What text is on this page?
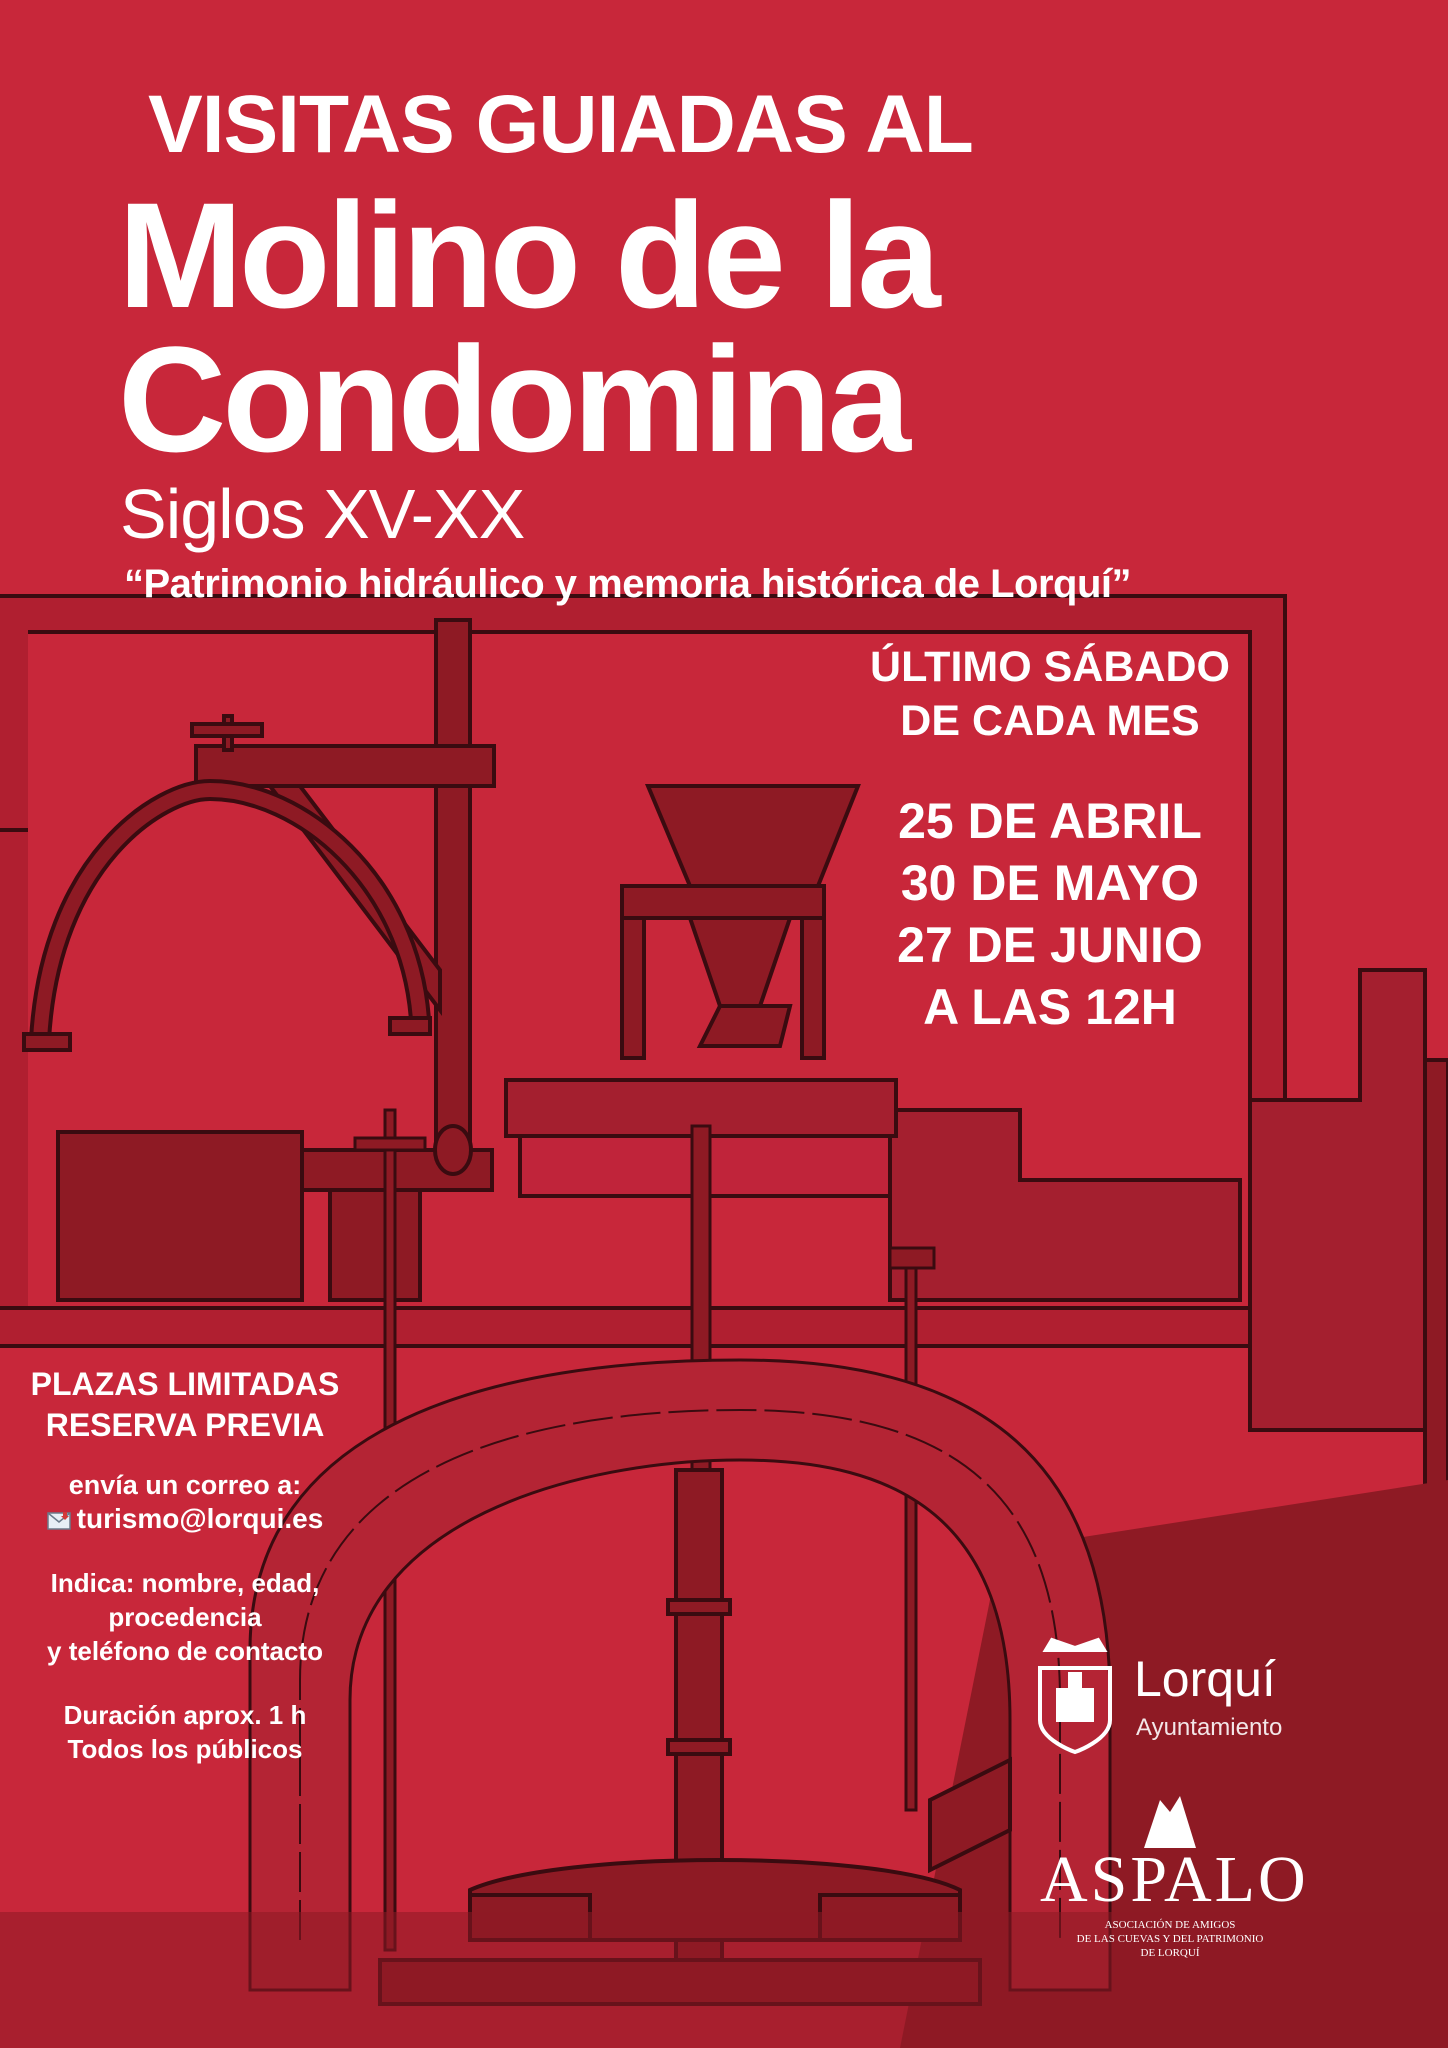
VISITAS GUIADAS AL
Molino de la
Condomina

Siglos XV-XX

“Patrimonio hidráulico y memoria histórica de Lorquí”

ÚLTIMO SÁBADO
DE CADA MES
25 DE ABRIL
30 DE MAYO
27 DE JUNIO
A LAS 12H
PLAZAS LIMITADAS
RESERVA PREVIA
envía un correo a:
turismo@lorqui.es
Indica: nombre, edad,
procedencia
y teléfono de contacto
Duración aprox. 1 h
Todos los públicos
Lorquí
Ayuntamiento
ASPALO
ASOCIACIÓN DE AMIGOS
DE LAS CUEVAS Y DEL PATRIMONIO
DE LORQUÍ
